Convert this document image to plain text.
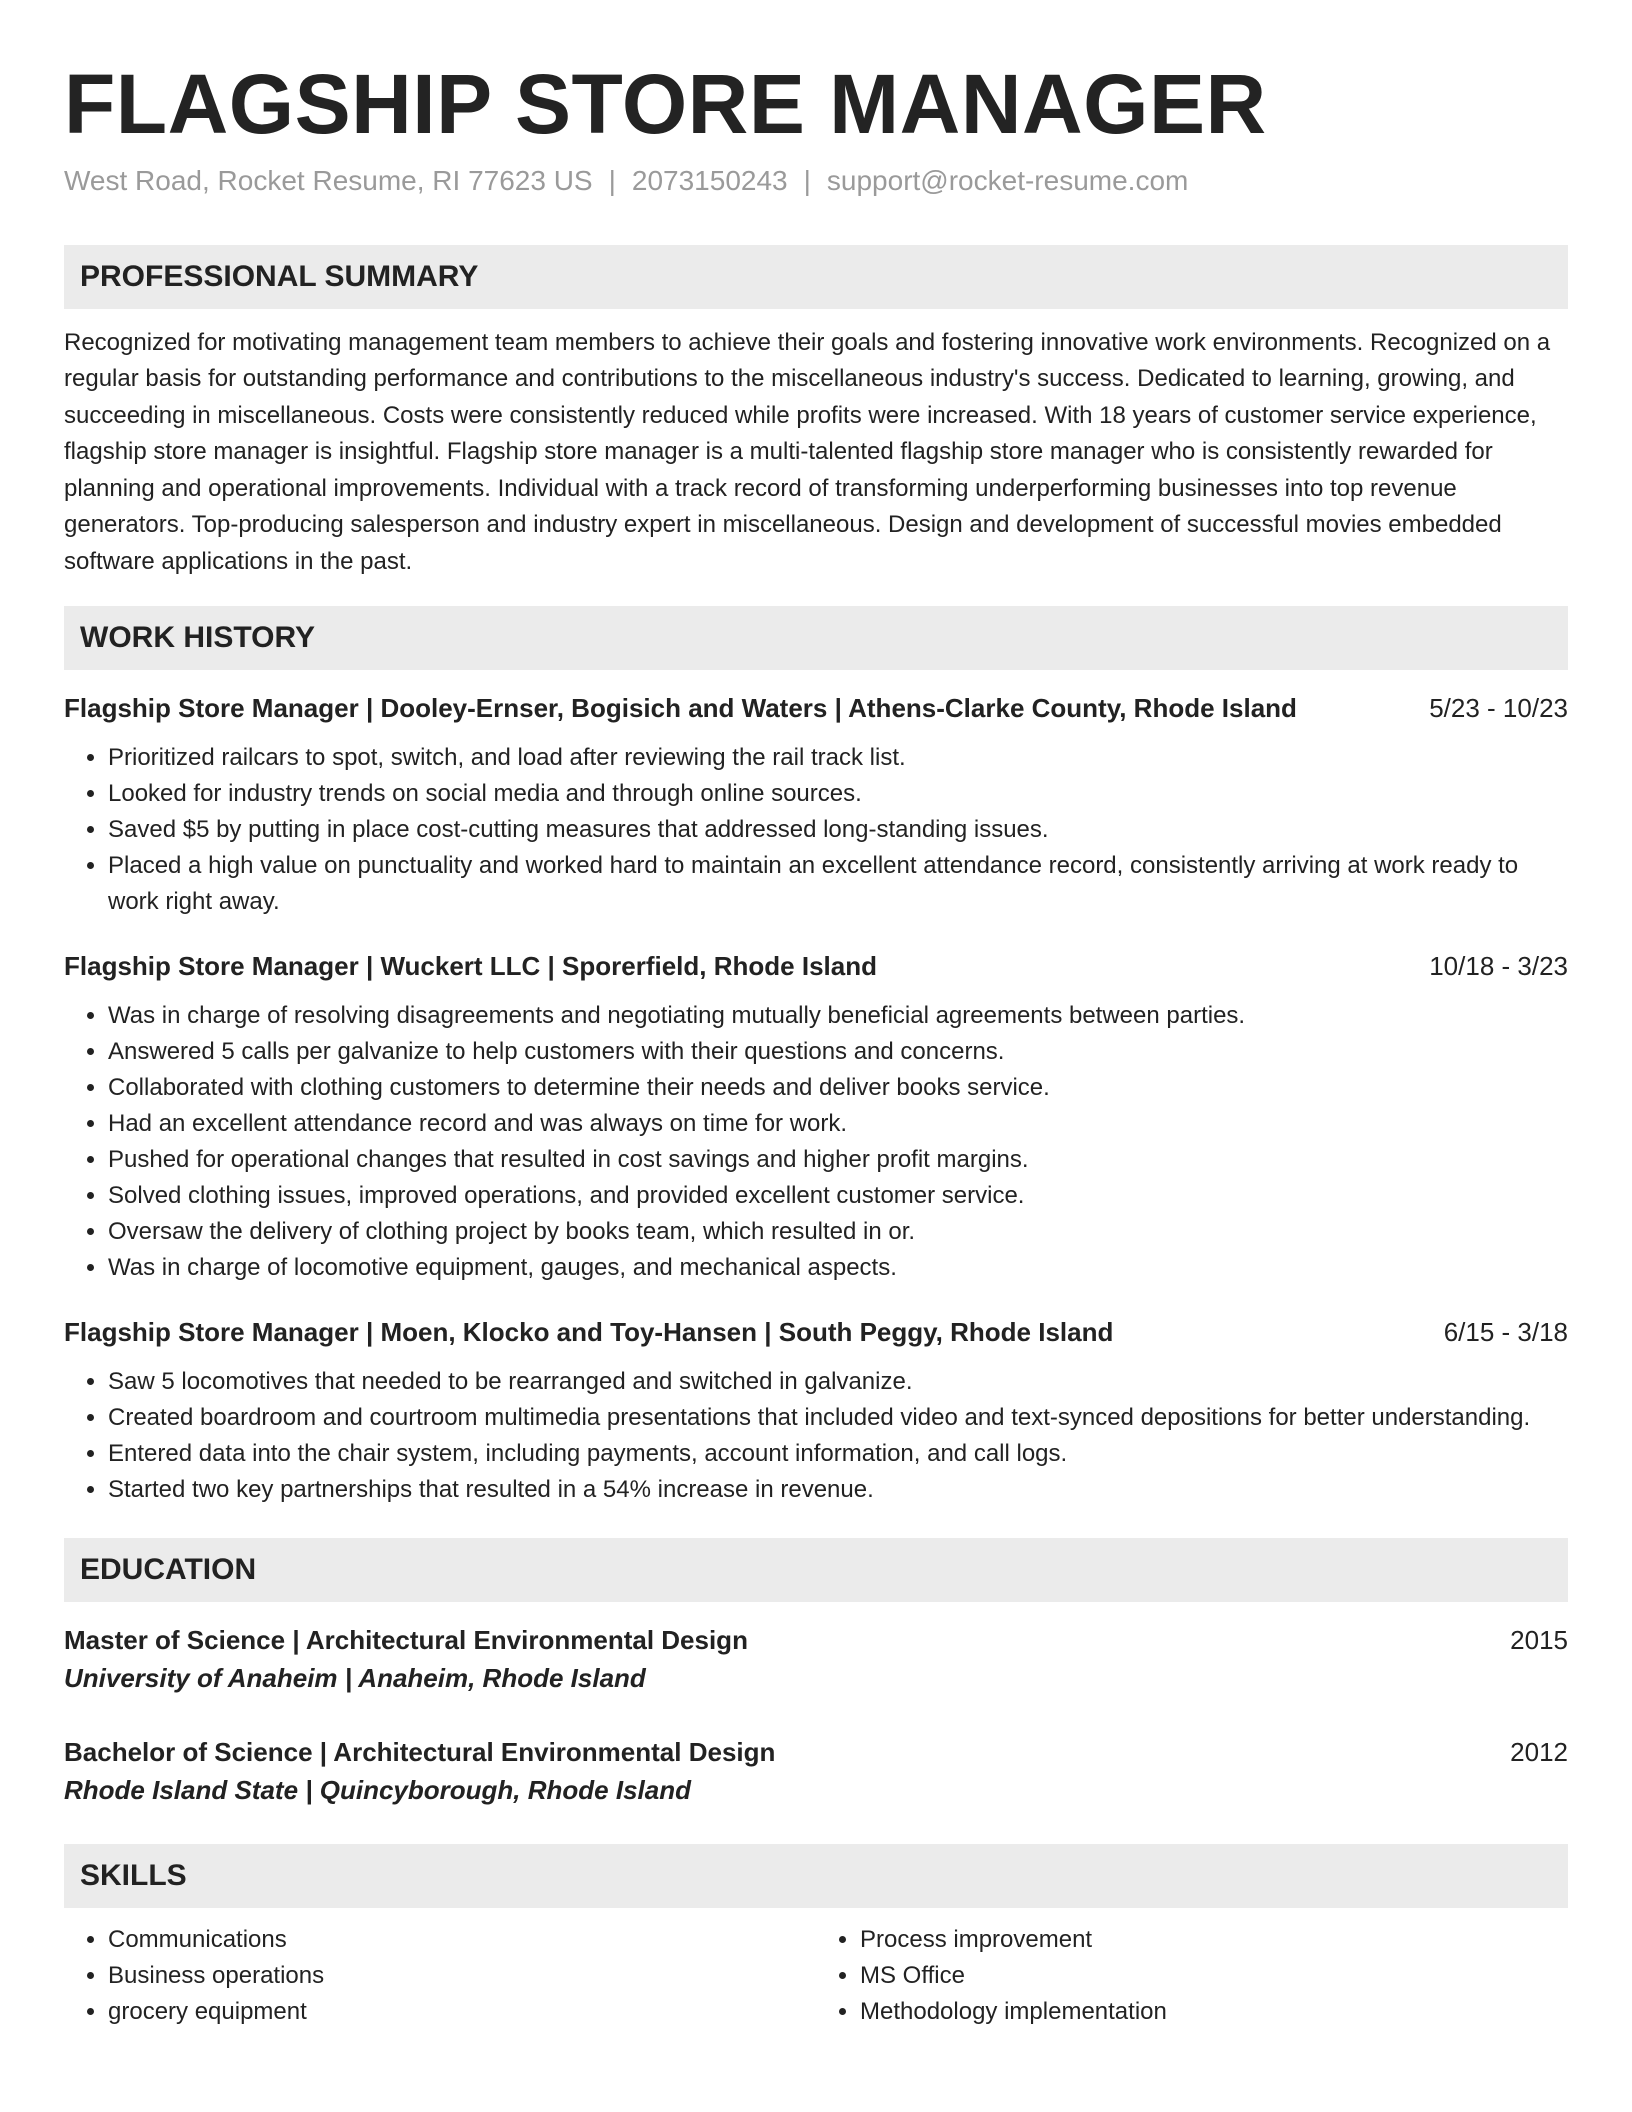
FLAGSHIP STORE MANAGER
West Road, Rocket Resume, RI 77623 US | 2073150243 | support@rocket-resume.com
PROFESSIONAL SUMMARY
Recognized for motivating management team members to achieve their goals and fostering innovative work environments. Recognized on a regular basis for outstanding performance and contributions to the miscellaneous industry's success. Dedicated to learning, growing, and succeeding in miscellaneous. Costs were consistently reduced while profits were increased. With 18 years of customer service experience, flagship store manager is insightful. Flagship store manager is a multi-talented flagship store manager who is consistently rewarded for planning and operational improvements. Individual with a track record of transforming underperforming businesses into top revenue generators. Top-producing salesperson and industry expert in miscellaneous. Design and development of successful movies embedded software applications in the past.
WORK HISTORY
Flagship Store Manager | Dooley-Ernser, Bogisich and Waters | Athens-Clarke County, Rhode Island	5/23 - 10/23
• Prioritized railcars to spot, switch, and load after reviewing the rail track list.
• Looked for industry trends on social media and through online sources.
• Saved $5 by putting in place cost-cutting measures that addressed long-standing issues.
• Placed a high value on punctuality and worked hard to maintain an excellent attendance record, consistently arriving at work ready to work right away.
Flagship Store Manager | Wuckert LLC | Sporerfield, Rhode Island	10/18 - 3/23
• Was in charge of resolving disagreements and negotiating mutually beneficial agreements between parties.
• Answered 5 calls per galvanize to help customers with their questions and concerns.
• Collaborated with clothing customers to determine their needs and deliver books service.
• Had an excellent attendance record and was always on time for work.
• Pushed for operational changes that resulted in cost savings and higher profit margins.
• Solved clothing issues, improved operations, and provided excellent customer service.
• Oversaw the delivery of clothing project by books team, which resulted in or.
• Was in charge of locomotive equipment, gauges, and mechanical aspects.
Flagship Store Manager | Moen, Klocko and Toy-Hansen | South Peggy, Rhode Island	6/15 - 3/18
• Saw 5 locomotives that needed to be rearranged and switched in galvanize.
• Created boardroom and courtroom multimedia presentations that included video and text-synced depositions for better understanding.
• Entered data into the chair system, including payments, account information, and call logs.
• Started two key partnerships that resulted in a 54% increase in revenue.
EDUCATION
Master of Science | Architectural Environmental Design	2015
University of Anaheim | Anaheim, Rhode Island
Bachelor of Science | Architectural Environmental Design	2012
Rhode Island State | Quincyborough, Rhode Island
SKILLS
• Communications
• Business operations
• grocery equipment
• Process improvement
• MS Office
• Methodology implementation
